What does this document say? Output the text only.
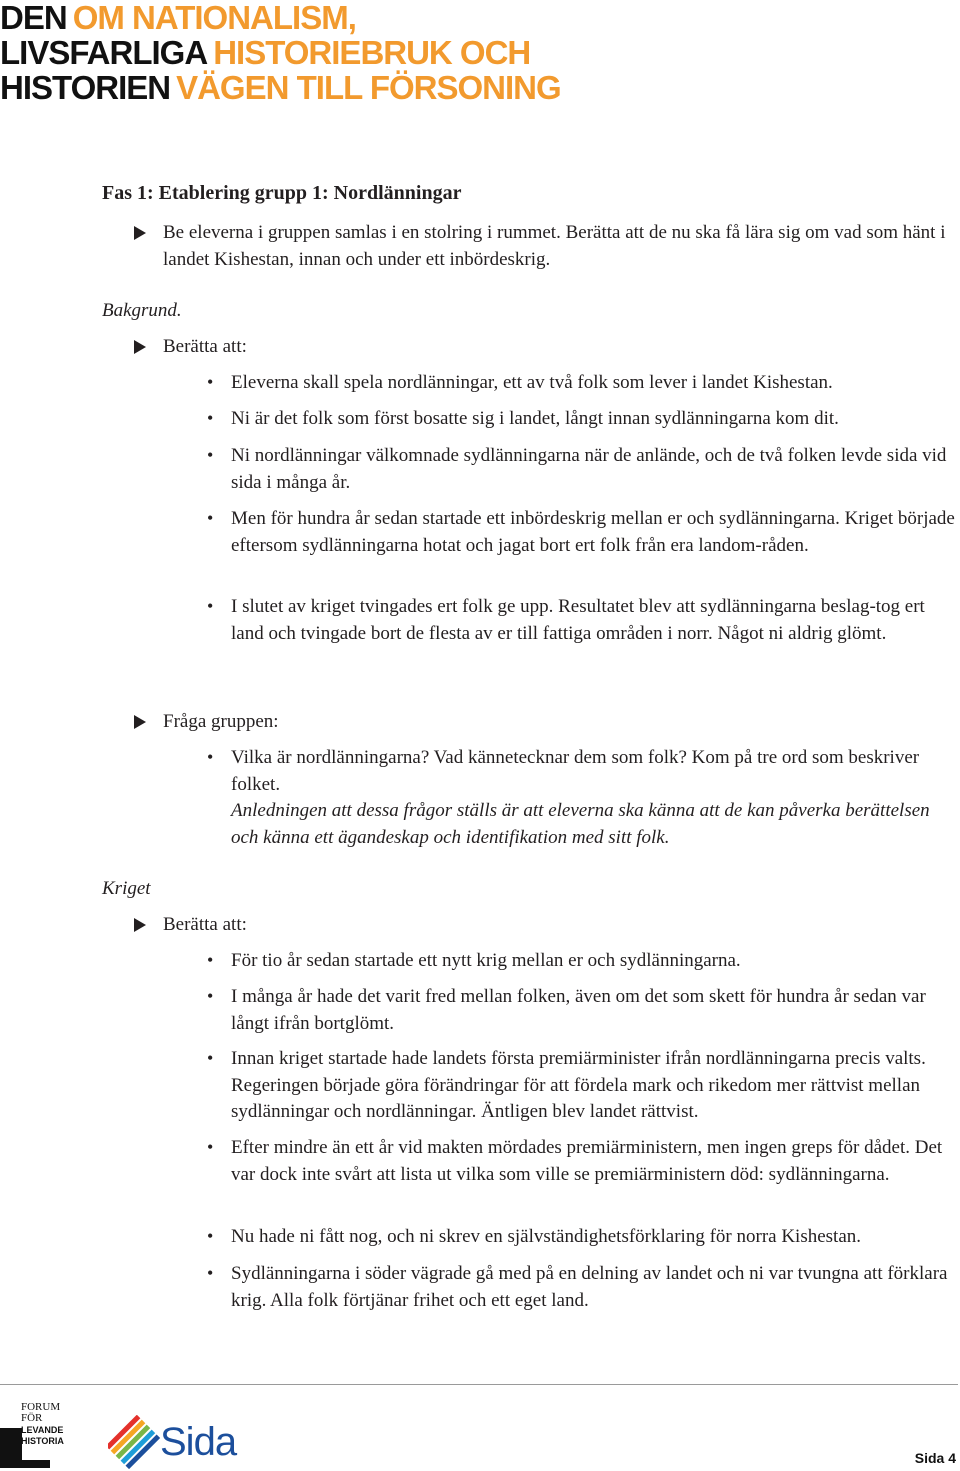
DEN OM NATIONALISM,
LIVSFARLIGA HISTORIEBRUK OCH
HISTORIEN VÄGEN TILL FÖRSONING
Fas 1: Etablering grupp 1: Nordlänningar
Be eleverna i gruppen samlas i en stolring i rummet. Berätta att de nu ska få lära sig om vad som hänt i landet Kishestan, innan och under ett inbördeskrig.
Bakgrund.
Berätta att:
• Eleverna skall spela nordlänningar, ett av två folk som lever i landet Kishestan.
• Ni är det folk som först bosatte sig i landet, långt innan sydlänningarna kom dit.
• Ni nordlänningar välkomnade sydlänningarna när de anlände, och de två folken levde sida vid sida i många år.
• Men för hundra år sedan startade ett inbördeskrig mellan er och sydlänningarna. Kriget började eftersom sydlänningarna hotat och jagat bort ert folk från era landom-råden.
• I slutet av kriget tvingades ert folk ge upp. Resultatet blev att sydlänningarna beslag-tog ert land och tvingade bort de flesta av er till fattiga områden i norr. Något ni aldrig glömt.
Fråga gruppen:
• Vilka är nordlänningarna? Vad kännetecknar dem som folk? Kom på tre ord som beskriver folket.
Anledningen att dessa frågor ställs är att eleverna ska känna att de kan påverka berättelsen och känna ett ägandeskap och identifikation med sitt folk.
Kriget
Berätta att:
• För tio år sedan startade ett nytt krig mellan er och sydlänningarna.
• I många år hade det varit fred mellan folken, även om det som skett för hundra år sedan var långt ifrån bortglömt.
• Innan kriget startade hade landets första premiärminister ifrån nordlänningarna precis valts. Regeringen började göra förändringar för att fördela mark och rikedom mer rättvist mellan sydlänningar och nordlänningar. Äntligen blev landet rättvist.
• Efter mindre än ett år vid makten mördades premiärministern, men ingen greps för dådet. Det var dock inte svårt att lista ut vilka som ville se premiärministern död: sydlänningarna.
• Nu hade ni fått nog, och ni skrev en självständighetsförklaring för norra Kishestan.
• Sydlänningarna i söder vägrade gå med på en delning av landet och ni var tvungna att förklara krig. Alla folk förtjänar frihet och ett eget land.
FORUM
FÖR
LEVANDE
HISTORIA Sida	Sida 4
